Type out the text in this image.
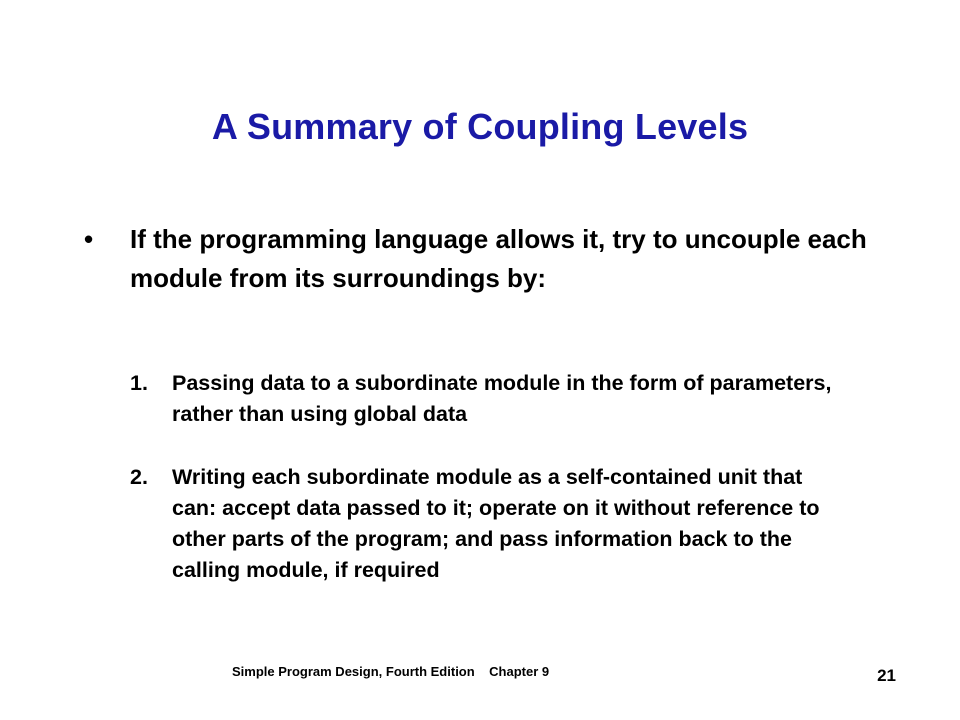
A Summary of Coupling Levels
•	If the programming language allows it, try to uncouple each module from its surroundings by:
1. Passing data to a subordinate module in the form of parameters, rather than using global data
2. Writing each subordinate module as a self-contained unit that can: accept data passed to it; operate on it without reference to other parts of the program; and pass information back to the calling module, if required
Simple Program Design, Fourth Edition    Chapter 9	21
